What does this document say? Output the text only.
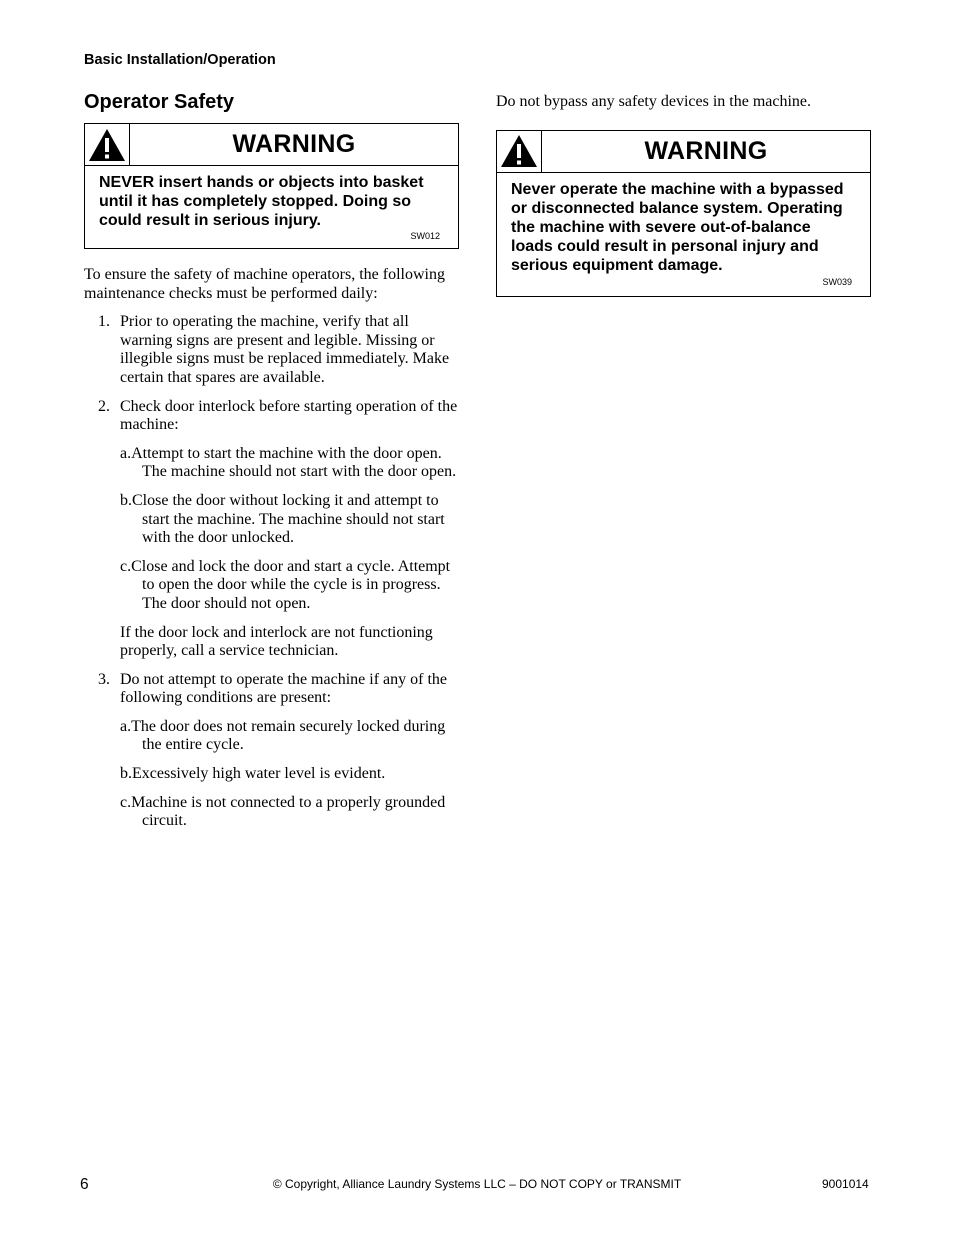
Basic Installation/Operation
Operator Safety
WARNING
NEVER insert hands or objects into basket until it has completely stopped. Doing so could result in serious injury.
SW012

To ensure the safety of machine operators, the following maintenance checks must be performed daily:

1. Prior to operating the machine, verify that all warning signs are present and legible. Missing or illegible signs must be replaced immediately. Make certain that spares are available.
2. Check door interlock before starting operation of the machine:
a.Attempt to start the machine with the door open. The machine should not start with the door open.
b.Close the door without locking it and attempt to start the machine. The machine should not start with the door unlocked.
c.Close and lock the door and start a cycle. Attempt to open the door while the cycle is in progress. The door should not open.
If the door lock and interlock are not functioning properly, call a service technician.
3. Do not attempt to operate the machine if any of the following conditions are present:
a.The door does not remain securely locked during the entire cycle.
b.Excessively high water level is evident.
c.Machine is not connected to a properly grounded circuit.

Do not bypass any safety devices in the machine.

WARNING
Never operate the machine with a bypassed or disconnected balance system. Operating the machine with severe out-of-balance loads could result in personal injury and serious equipment damage.
SW039
6	© Copyright, Alliance Laundry Systems LLC – DO NOT COPY or TRANSMIT	9001014
